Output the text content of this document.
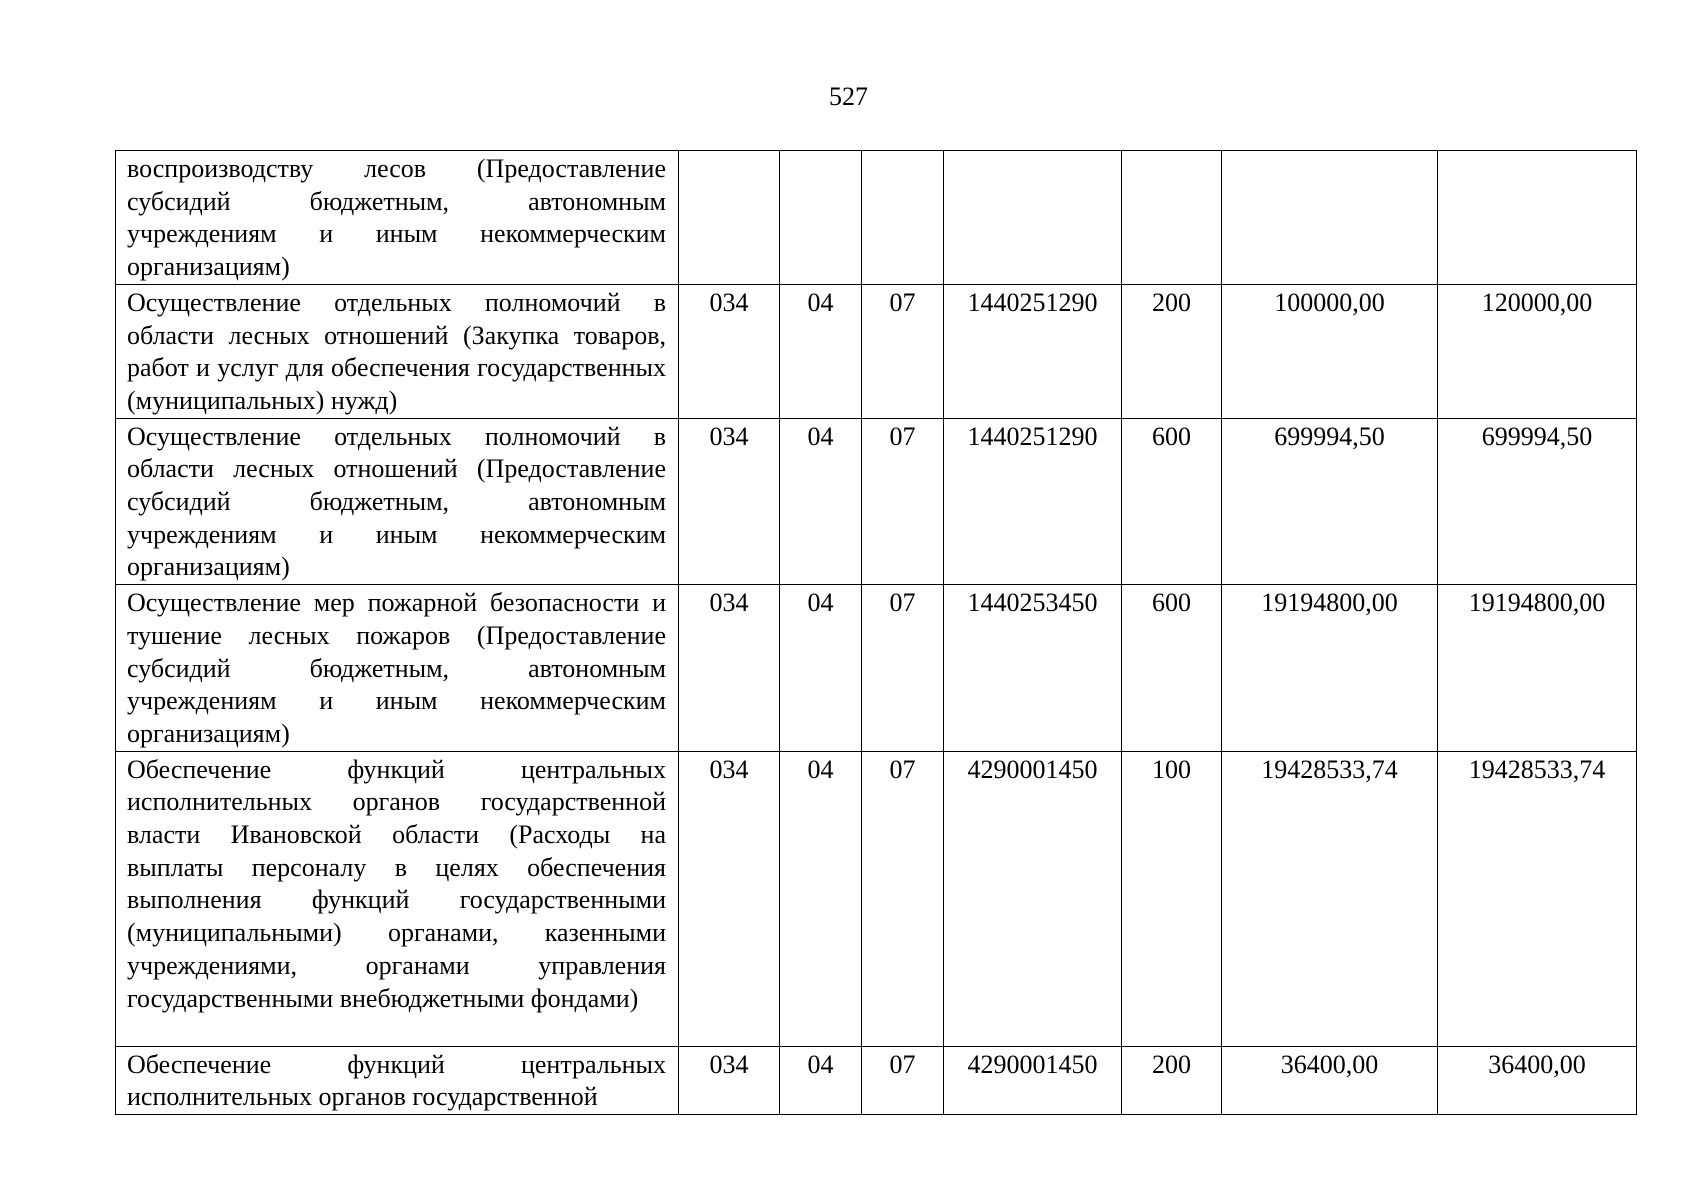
527
воспроизводству лесов (Предоставление субсидий бюджетным, автономным учреждениям и иным некоммерческим организациям)							
Осуществление отдельных полномочий в области лесных отношений (Закупка товаров, работ и услуг для обеспечения государственных (муниципальных) нужд)	034	04	07	1440251290	200	100000,00	120000,00
Осуществление отдельных полномочий в области лесных отношений (Предоставление субсидий бюджетным, автономным учреждениям и иным некоммерческим организациям)	034	04	07	1440251290	600	699994,50	699994,50
Осуществление мер пожарной безопасности и тушение лесных пожаров (Предоставление субсидий бюджетным, автономным учреждениям и иным некоммерческим организациям)	034	04	07	1440253450	600	19194800,00	19194800,00
Обеспечение функций центральных исполнительных органов государственной власти Ивановской области (Расходы на выплаты персоналу в целях обеспечения выполнения функций государственными (муниципальными) органами, казенными учреждениями, органами управления государственными внебюджетными фондами)	034	04	07	4290001450	100	19428533,74	19428533,74
Обеспечение функций центральных исполнительных органов государственной	034	04	07	4290001450	200	36400,00	36400,00
